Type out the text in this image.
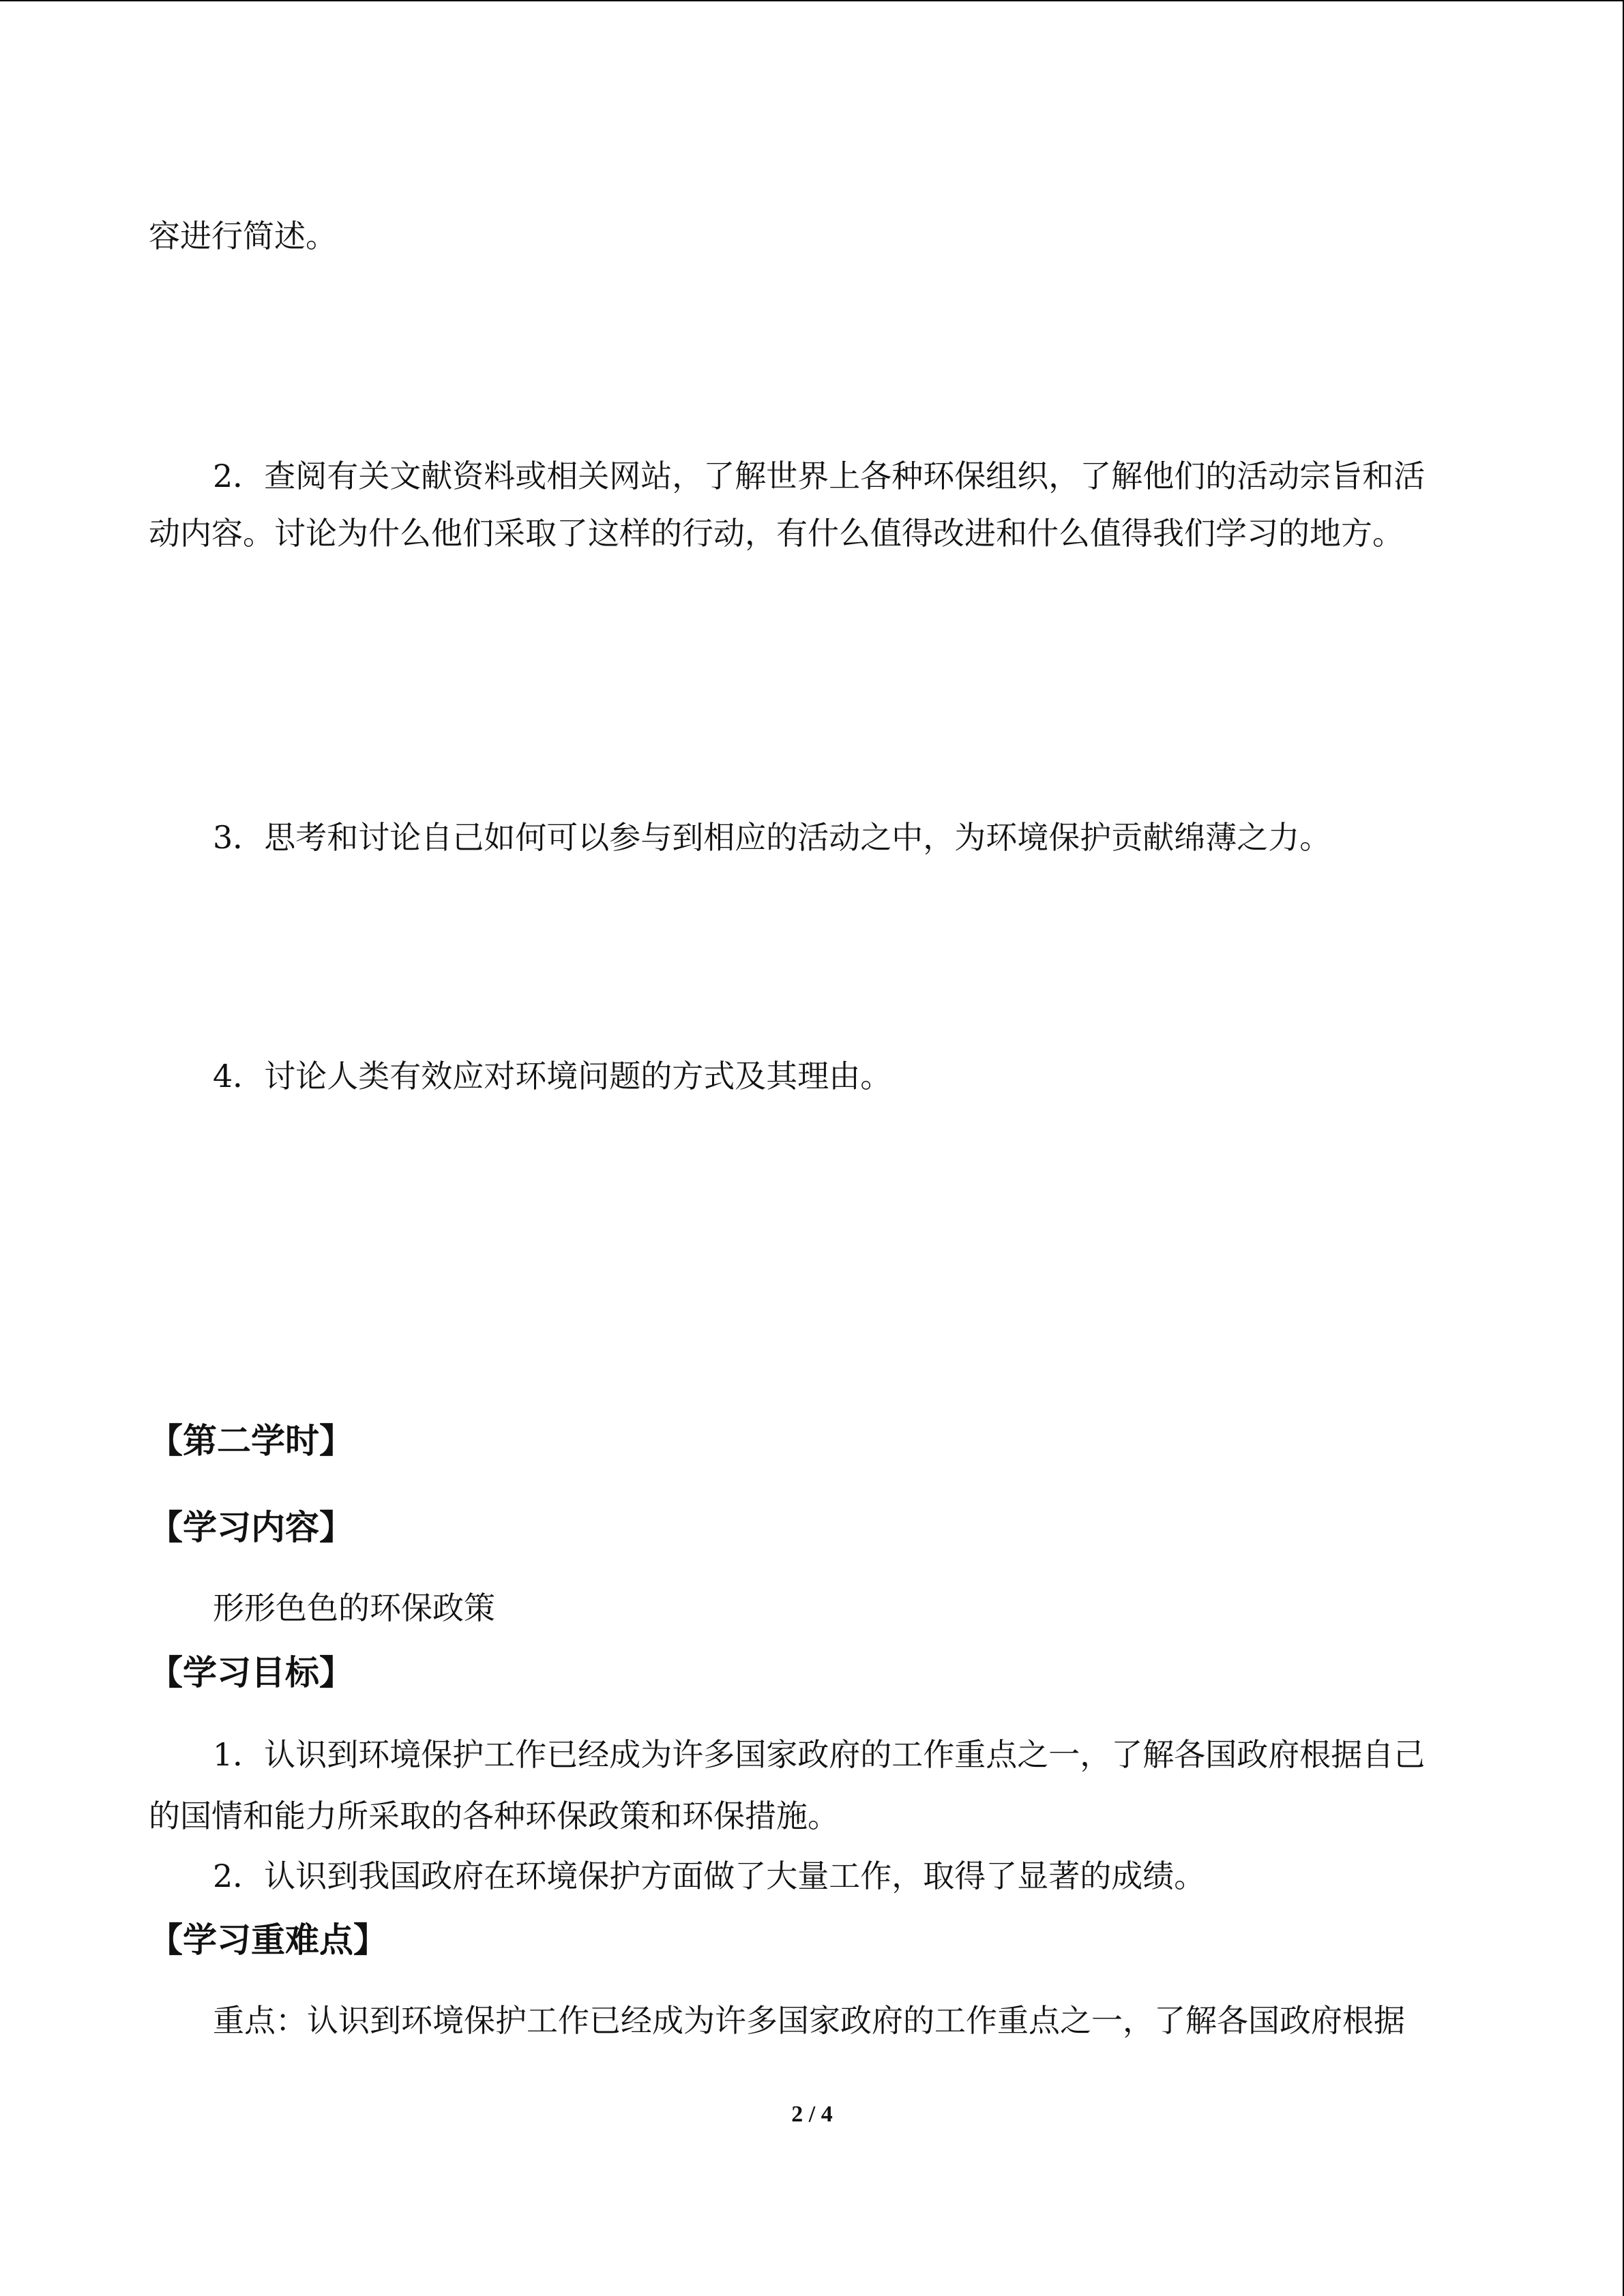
容进行简述。
2．查阅有关文献资料或相关网站，了解世界上各种环保组织，了解他们的活动宗旨和活
动内容。讨论为什么他们采取了这样的行动，有什么值得改进和什么值得我们学习的地方。
3．思考和讨论自己如何可以参与到相应的活动之中，为环境保护贡献绵薄之力。
4．讨论人类有效应对环境问题的方式及其理由。
【第二学时】
【学习内容】
形形色色的环保政策
【学习目标】
1．认识到环境保护工作已经成为许多国家政府的工作重点之一，了解各国政府根据自己
的国情和能力所采取的各种环保政策和环保措施。
2．认识到我国政府在环境保护方面做了大量工作，取得了显著的成绩。
【学习重难点】
重点：认识到环境保护工作已经成为许多国家政府的工作重点之一，了解各国政府根据
2 / 4
